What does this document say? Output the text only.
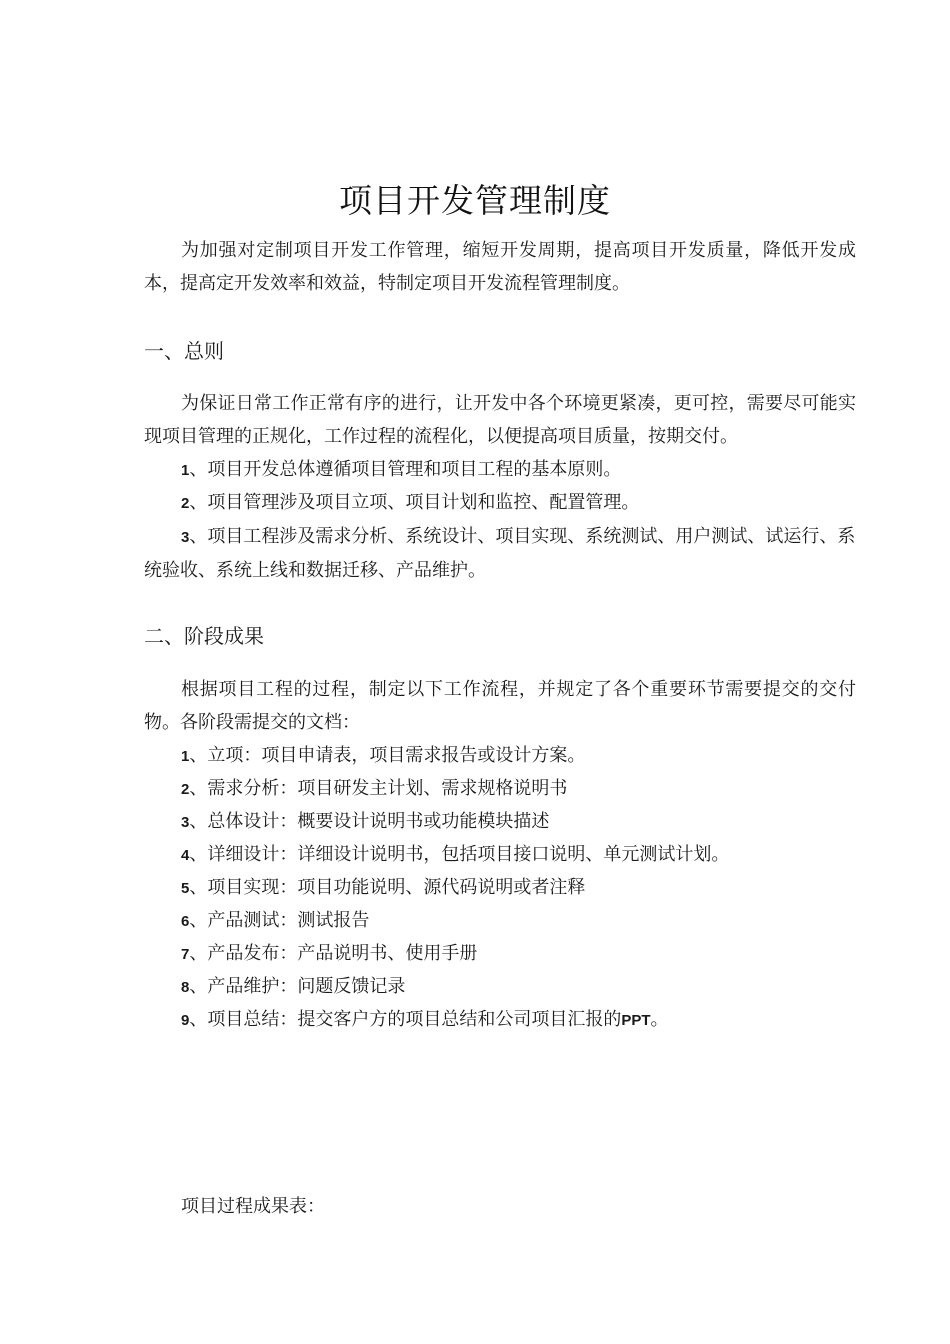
项目开发管理制度
为加强对定制项目开发工作管理，缩短开发周期，提高项目开发质量，降低开发成本，提高定开发效率和效益，特制定项目开发流程管理制度。
一、总则
为保证日常工作正常有序的进行，让开发中各个环境更紧凑，更可控，需要尽可能实现项目管理的正规化，工作过程的流程化，以便提高项目质量，按期交付。
1、项目开发总体遵循项目管理和项目工程的基本原则。
2、项目管理涉及项目立项、项目计划和监控、配置管理。
3、项目工程涉及需求分析、系统设计、项目实现、系统测试、用户测试、试运行、系统验收、系统上线和数据迁移、产品维护。
二、阶段成果
根据项目工程的过程，制定以下工作流程，并规定了各个重要环节需要提交的交付物。各阶段需提交的文档：
1、立项：项目申请表，项目需求报告或设计方案。
2、需求分析：项目研发主计划、需求规格说明书
3、总体设计：概要设计说明书或功能模块描述
4、详细设计：详细设计说明书，包括项目接口说明、单元测试计划。
5、项目实现：项目功能说明、源代码说明或者注释
6、产品测试：测试报告
7、产品发布：产品说明书、使用手册
8、产品维护：问题反馈记录
9、项目总结：提交客户方的项目总结和公司项目汇报的PPT。
项目过程成果表：
